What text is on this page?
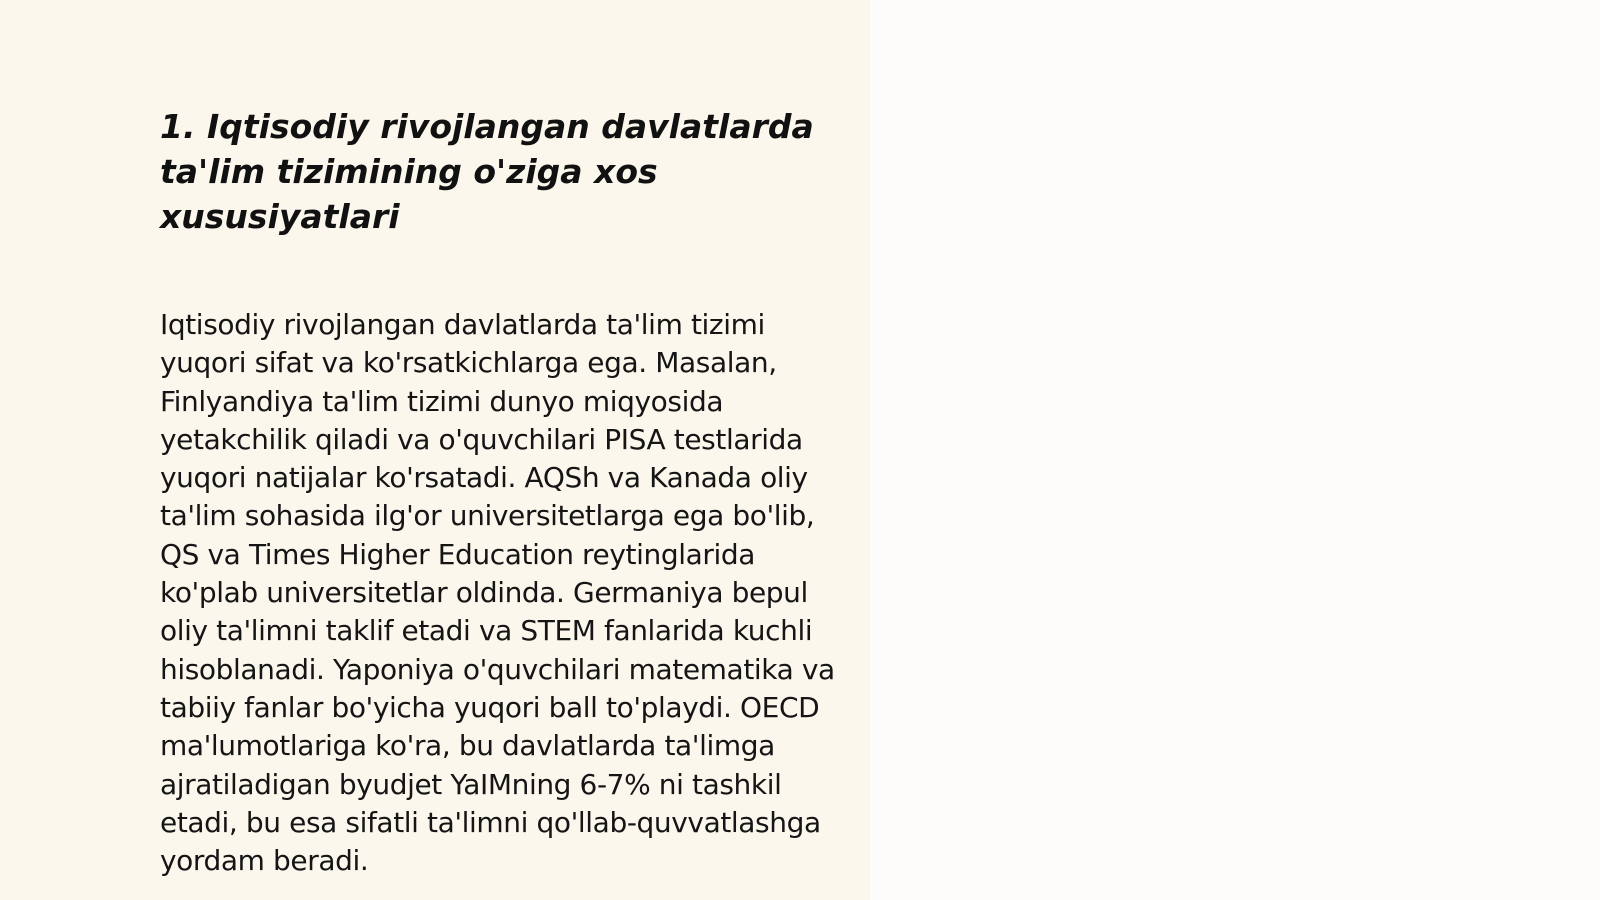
1. Iqtisodiy rivojlangan davlatlarda ta'lim tizimining o'ziga xos xususiyatlari

Iqtisodiy rivojlangan davlatlarda ta'lim tizimi yuqori sifat va ko'rsatkichlarga ega. Masalan, Finlyandiya ta'lim tizimi dunyo miqyosida yetakchilik qiladi va o'quvchilari PISA testlarida yuqori natijalar ko'rsatadi. AQSh va Kanada oliy ta'lim sohasida ilg'or universitetlarga ega bo'lib, QS va Times Higher Education reytinglarida ko'plab universitetlar oldinda. Germaniya bepul oliy ta'limni taklif etadi va STEM fanlarida kuchli hisoblanadi. Yaponiya o'quvchilari matematika va tabiiy fanlar bo'yicha yuqori ball to'playdi. OECD ma'lumotlariga ko'ra, bu davlatlarda ta'limga ajratiladigan byudjet YaIMning 6-7% ni tashkil etadi, bu esa sifatli ta'limni qo'llab-quvvatlashga yordam beradi.
